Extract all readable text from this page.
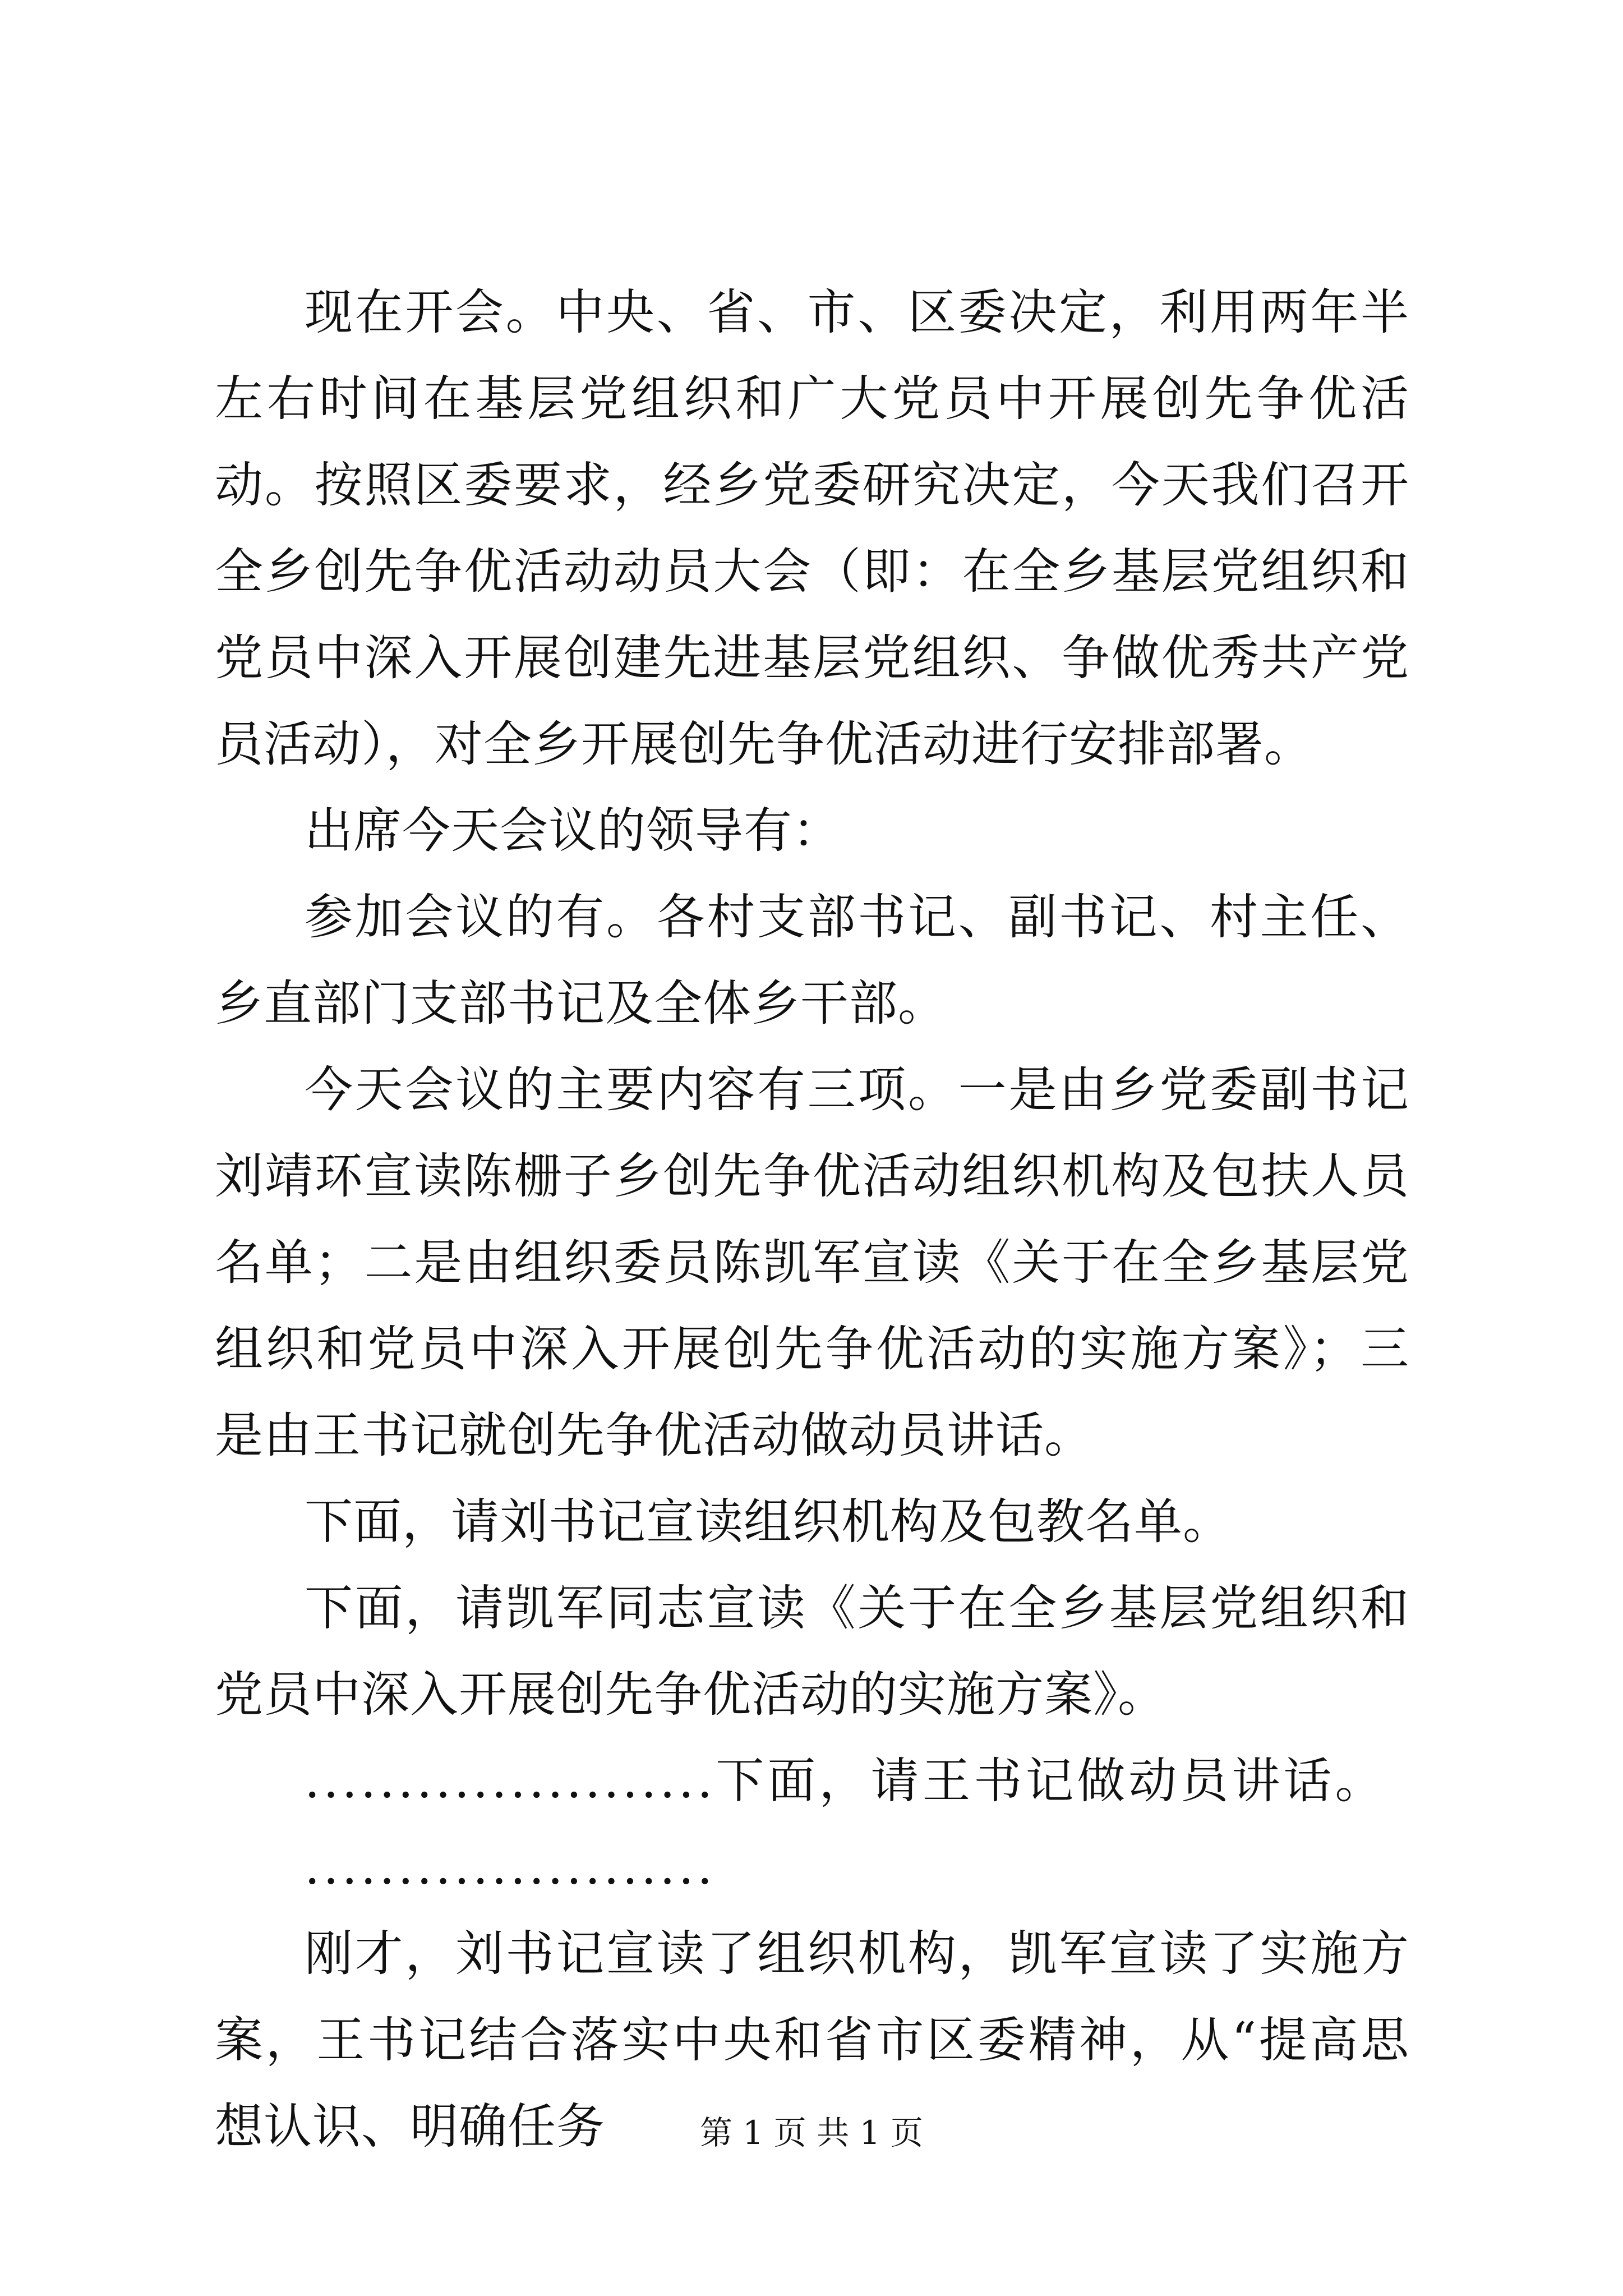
现在开会。中央、省、市、区委决定，利用两年半左右时间在基层党组织和广大党员中开展创先争优活动。按照区委要求，经乡党委研究决定，今天我们召开全乡创先争优活动动员大会（即：在全乡基层党组织和党员中深入开展创建先进基层党组织、争做优秀共产党员活动），对全乡开展创先争优活动进行安排部署。

出席今天会议的领导有：

参加会议的有。各村支部书记、副书记、村主任、乡直部门支部书记及全体乡干部。

今天会议的主要内容有三项。一是由乡党委副书记刘靖环宣读陈栅子乡创先争优活动组织机构及包扶人员名单；二是由组织委员陈凯军宣读《关于在全乡基层党组织和党员中深入开展创先争优活动的实施方案》；三是由王书记就创先争优活动做动员讲话。

下面，请刘书记宣读组织机构及包教名单。

下面，请凯军同志宣读《关于在全乡基层党组织和党员中深入开展创先争优活动的实施方案》。

......................下面，请王书记做动员讲话。

......................

刚才，刘书记宣读了组织机构，凯军宣读了实施方案，王书记结合落实中央和省市区委精神，从“提高思想认识、明确任务	第 1 页 共 1 页
